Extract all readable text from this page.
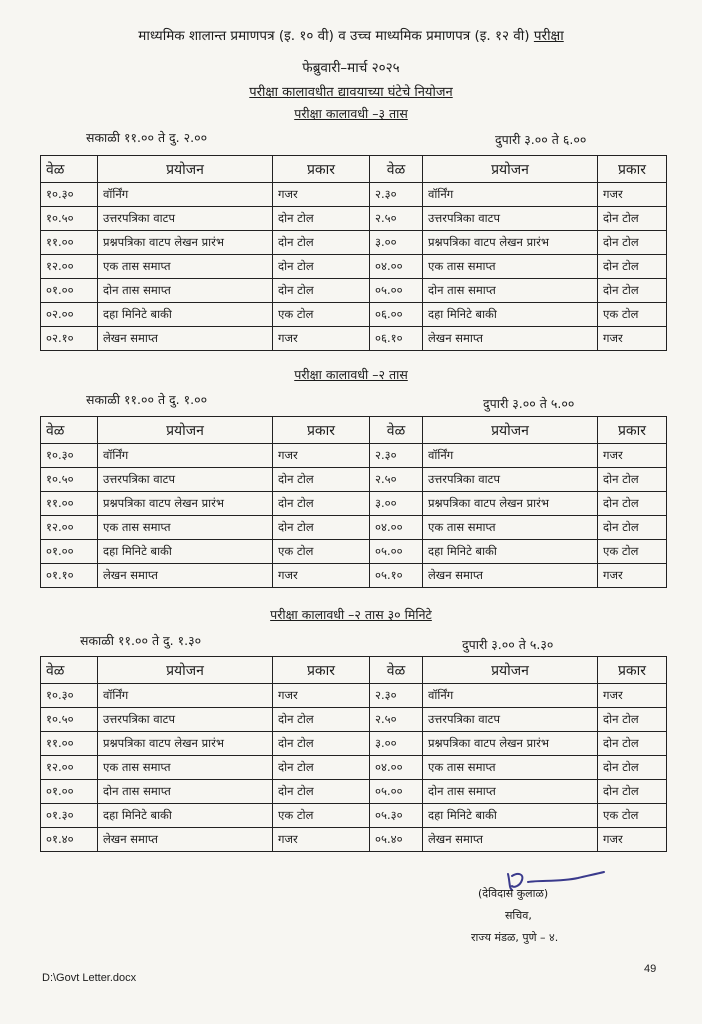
माध्यमिक शालान्त प्रमाणपत्र (इ. १० वी) व उच्च माध्यमिक प्रमाणपत्र (इ. १२ वी) परीक्षा
फेब्रुवारी–मार्च २०२५
परीक्षा कालावधीत द्यावयाच्या घंटेचे नियोजन
परीक्षा कालावधी –३ तास
सकाळी ११.०० ते दु. २.००	दुपारी ३.०० ते ६.००
वेळ	प्रयोजन	प्रकार	वेळ	प्रयोजन	प्रकार
१०.३०	वॉर्निंग	गजर	२.३०	वॉर्निंग	गजर
१०.५०	उत्तरपत्रिका वाटप	दोन टोल	२.५०	उत्तरपत्रिका वाटप	दोन टोल
११.००	प्रश्नपत्रिका वाटप लेखन प्रारंभ	दोन टोल	३.००	प्रश्नपत्रिका वाटप लेखन प्रारंभ	दोन टोल
१२.००	एक तास समाप्त	दोन टोल	०४.००	एक तास समाप्त	दोन टोल
०१.००	दोन तास समाप्त	दोन टोल	०५.००	दोन तास समाप्त	दोन टोल
०२.००	दहा मिनिटे बाकी	एक टोल	०६.००	दहा मिनिटे बाकी	एक टोल
०२.१०	लेखन समाप्त	गजर	०६.१०	लेखन समाप्त	गजर
परीक्षा कालावधी –२ तास
सकाळी ११.०० ते दु. १.००	दुपारी ३.०० ते ५.००
वेळ	प्रयोजन	प्रकार	वेळ	प्रयोजन	प्रकार
१०.३०	वॉर्निंग	गजर	२.३०	वॉर्निंग	गजर
१०.५०	उत्तरपत्रिका वाटप	दोन टोल	२.५०	उत्तरपत्रिका वाटप	दोन टोल
११.००	प्रश्नपत्रिका वाटप लेखन प्रारंभ	दोन टोल	३.००	प्रश्नपत्रिका वाटप लेखन प्रारंभ	दोन टोल
१२.००	एक तास समाप्त	दोन टोल	०४.००	एक तास समाप्त	दोन टोल
०१.००	दहा मिनिटे बाकी	एक टोल	०५.००	दहा मिनिटे बाकी	एक टोल
०१.१०	लेखन समाप्त	गजर	०५.१०	लेखन समाप्त	गजर
परीक्षा कालावधी –२ तास ३० मिनिटे
सकाळी ११.०० ते दु. १.३०	दुपारी ३.०० ते ५.३०
वेळ	प्रयोजन	प्रकार	वेळ	प्रयोजन	प्रकार
१०.३०	वॉर्निंग	गजर	२.३०	वॉर्निंग	गजर
१०.५०	उत्तरपत्रिका वाटप	दोन टोल	२.५०	उत्तरपत्रिका वाटप	दोन टोल
११.००	प्रश्नपत्रिका वाटप लेखन प्रारंभ	दोन टोल	३.००	प्रश्नपत्रिका वाटप लेखन प्रारंभ	दोन टोल
१२.००	एक तास समाप्त	दोन टोल	०४.००	एक तास समाप्त	दोन टोल
०१.००	दोन तास समाप्त	दोन टोल	०५.००	दोन तास समाप्त	दोन टोल
०१.३०	दहा मिनिटे बाकी	एक टोल	०५.३०	दहा मिनिटे बाकी	एक टोल
०१.४०	लेखन समाप्त	गजर	०५.४०	लेखन समाप्त	गजर
(देविदास कुलाळ)
सचिव,
राज्य मंडळ, पुणे – ४.
D:\Govt Letter.docx
49
